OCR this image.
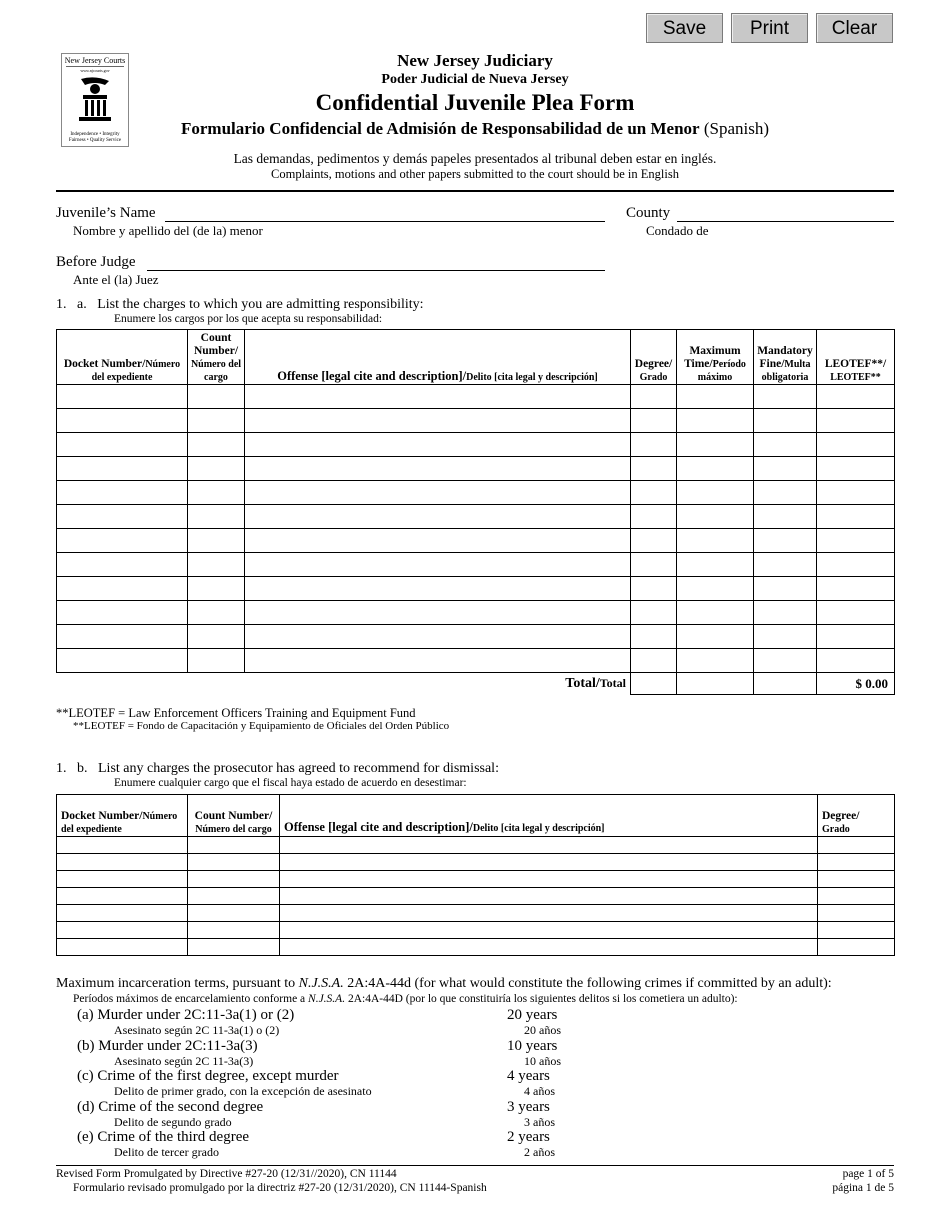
Save	Print	Clear
New Jersey Courts
www.njcourts.gov
Independence • Integrity
Fairness • Quality Service
New Jersey Judiciary
Poder Judicial de Nueva Jersey
Confidential Juvenile Plea Form
Formulario Confidencial de Admisión de Responsabilidad de un Menor (Spanish)
Las demandas, pedimentos y demás papeles presentados al tribunal deben estar en inglés.
Complaints, motions and other papers submitted to the court should be in English
Juvenile’s Name
Nombre y apellido del (de la) menor
County
Condado de
Before Judge
Ante el (la) Juez
1.   a.   List the charges to which you are admitting responsibility:
Enumere los cargos por los que acepta su responsabilidad:
Docket Number/Número del expediente	Count Number/
Número del cargo	Offense [legal cite and description]/Delito [cita legal y descripción]	Degree/
Grado	Maximum Time/Período máximo	Mandatory Fine/Multa obligatoria	LEOTEF**/
LEOTEF**

Total/Total						$ 0.00
**LEOTEF = Law Enforcement Officers Training and Equipment Fund
**LEOTEF = Fondo de Capacitación y Equipamiento de Oficiales del Orden Público
1.   b.   List any charges the prosecutor has agreed to recommend for dismissal:
Enumere cualquier cargo que el fiscal haya estado de acuerdo en desestimar:
Docket Number/Número del expediente	Count Number/
Número del cargo	Offense [legal cite and description]/Delito [cita legal y descripción]	Degree/
Grado

Maximum incarceration terms, pursuant to N.J.S.A. 2A:4A-44d (for what would constitute the following crimes if committed by an adult):
Períodos máximos de encarcelamiento conforme a N.J.S.A. 2A:4A-44D (por lo que constituiría los siguientes delitos si los cometiera un adulto):
(a) Murder under 2C:11-3a(1) or (2)
Asesinato según 2C 11-3a(1) o (2)
20 years
20 años
(b) Murder under 2C:11-3a(3)
Asesinato según 2C 11-3a(3)
10 years
10 años
(c) Crime of the first degree, except murder
Delito de primer grado, con la excepción de asesinato
4 years
4 años
(d) Crime of the second degree
Delito de segundo grado
3 years
3 años
(e) Crime of the third degree
Delito de tercer grado
2 years
2 años
Revised Form Promulgated by Directive #27-20 (12/31//2020), CN 11144
Formulario revisado promulgado por la directriz #27-20 (12/31/2020), CN 11144-Spanish
page 1 of 5
página 1 de 5
